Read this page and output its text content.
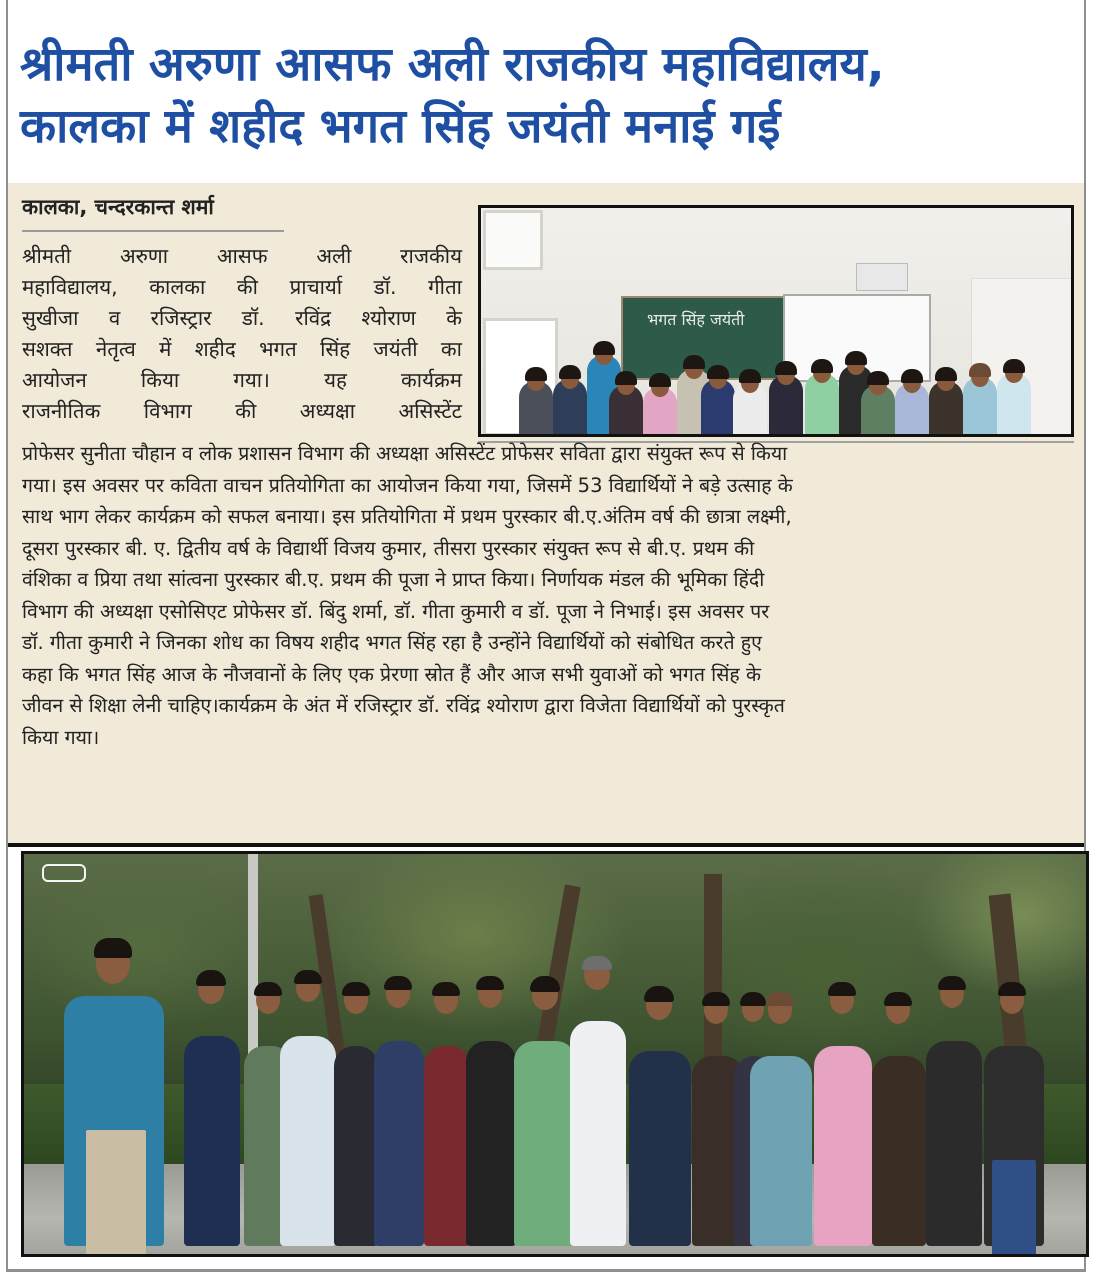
श्रीमती अरुणा आसफ अली राजकीय महाविद्यालय,
कालका में शहीद भगत सिंह जयंती मनाई गई
कालका, चन्दरकान्त शर्मा
श्रीमती अरुणा आसफ अली राजकीय
महाविद्यालय, कालका की प्राचार्या डॉ. गीता
सुखीजा व रजिस्ट्रार डॉ. रविंद्र श्योराण के
सशक्त नेतृत्व में शहीद भगत सिंह जयंती का
आयोजन किया गया। यह कार्यक्रम
राजनीतिक विभाग की अध्यक्षा असिस्टेंट
भगत सिंह जयंती
प्रोफेसर सुनीता चौहान व लोक प्रशासन विभाग की अध्यक्षा असिस्टेंट प्रोफेसर सविता द्वारा संयुक्त रूप से किया
गया। इस अवसर पर कविता वाचन प्रतियोगिता का आयोजन किया गया, जिसमें 53 विद्यार्थियों ने बड़े उत्साह के
साथ भाग लेकर कार्यक्रम को सफल बनाया। इस प्रतियोगिता में प्रथम पुरस्कार बी.ए.अंतिम वर्ष की छात्रा लक्ष्मी,
दूसरा पुरस्कार बी. ए. द्वितीय वर्ष के विद्यार्थी विजय कुमार, तीसरा पुरस्कार संयुक्त रूप से बी.ए. प्रथम की
वंशिका व प्रिया तथा सांत्वना पुरस्कार बी.ए. प्रथम की पूजा ने प्राप्त किया। निर्णायक मंडल की भूमिका हिंदी
विभाग की अध्यक्षा एसोसिएट प्रोफेसर डॉ. बिंदु शर्मा, डॉ. गीता कुमारी व डॉ. पूजा ने निभाई। इस अवसर पर
डॉ. गीता कुमारी ने जिनका शोध का विषय शहीद भगत सिंह रहा है उन्होंने विद्यार्थियों को संबोधित करते हुए
कहा कि भगत सिंह आज के नौजवानों के लिए एक प्रेरणा स्रोत हैं और आज सभी युवाओं को भगत सिंह के
जीवन से शिक्षा लेनी चाहिए।कार्यक्रम के अंत में रजिस्ट्रार डॉ. रविंद्र श्योराण द्वारा विजेता विद्यार्थियों को पुरस्कृत
किया गया।
